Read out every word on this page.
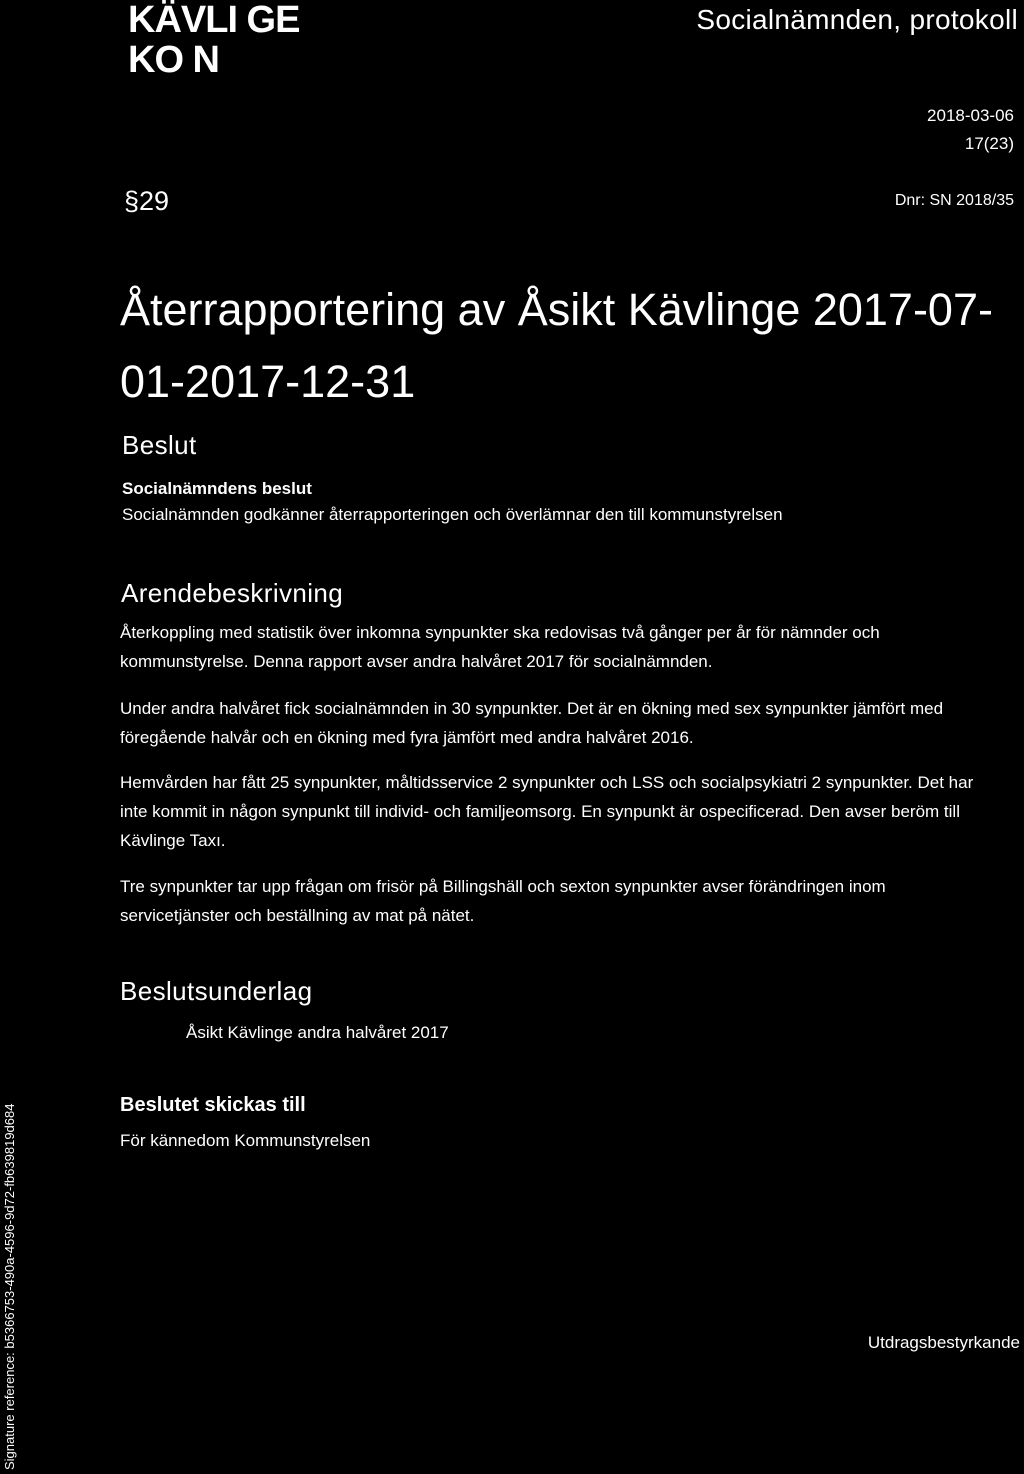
KÄVLI GE
KO N
Socialnämnden, protokoll
2018-03-06
17(23)
§29	Dnr: SN 2018/35
Återrapportering av Åsikt Kävlinge 2017-07-01-2017-12-31
Beslut
Socialnämndens beslut
Socialnämnden godkänner återrapporteringen och överlämnar den till kommunstyrelsen
Arendebeskrivning
Återkoppling med statistik över inkomna synpunkter ska redovisas två gånger per år för nämnder och kommunstyrelse. Denna rapport avser andra halvåret 2017 för socialnämnden.
Under andra halvåret fick socialnämnden in 30 synpunkter. Det är en ökning med sex synpunkter jämfört med föregående halvår och en ökning med fyra jämfört med andra halvåret 2016.
Hemvården har fått 25 synpunkter, måltidsservice 2 synpunkter och LSS och socialpsykiatri 2 synpunkter. Det har inte kommit in någon synpunkt till individ- och familjeomsorg. En synpunkt är ospecificerad. Den avser beröm till Kävlinge Taxı.
Tre synpunkter tar upp frågan om frisör på Billingshäll och sexton synpunkter avser förändringen inom servicetjänster och beställning av mat på nätet.
Beslutsunderlag
Åsikt Kävlinge andra halvåret 2017
Beslutet skickas till
För kännedom Kommunstyrelsen
Utdragsbestyrkande
Signature reference: b5366753-490a-4596-9d72-fb639819d684
